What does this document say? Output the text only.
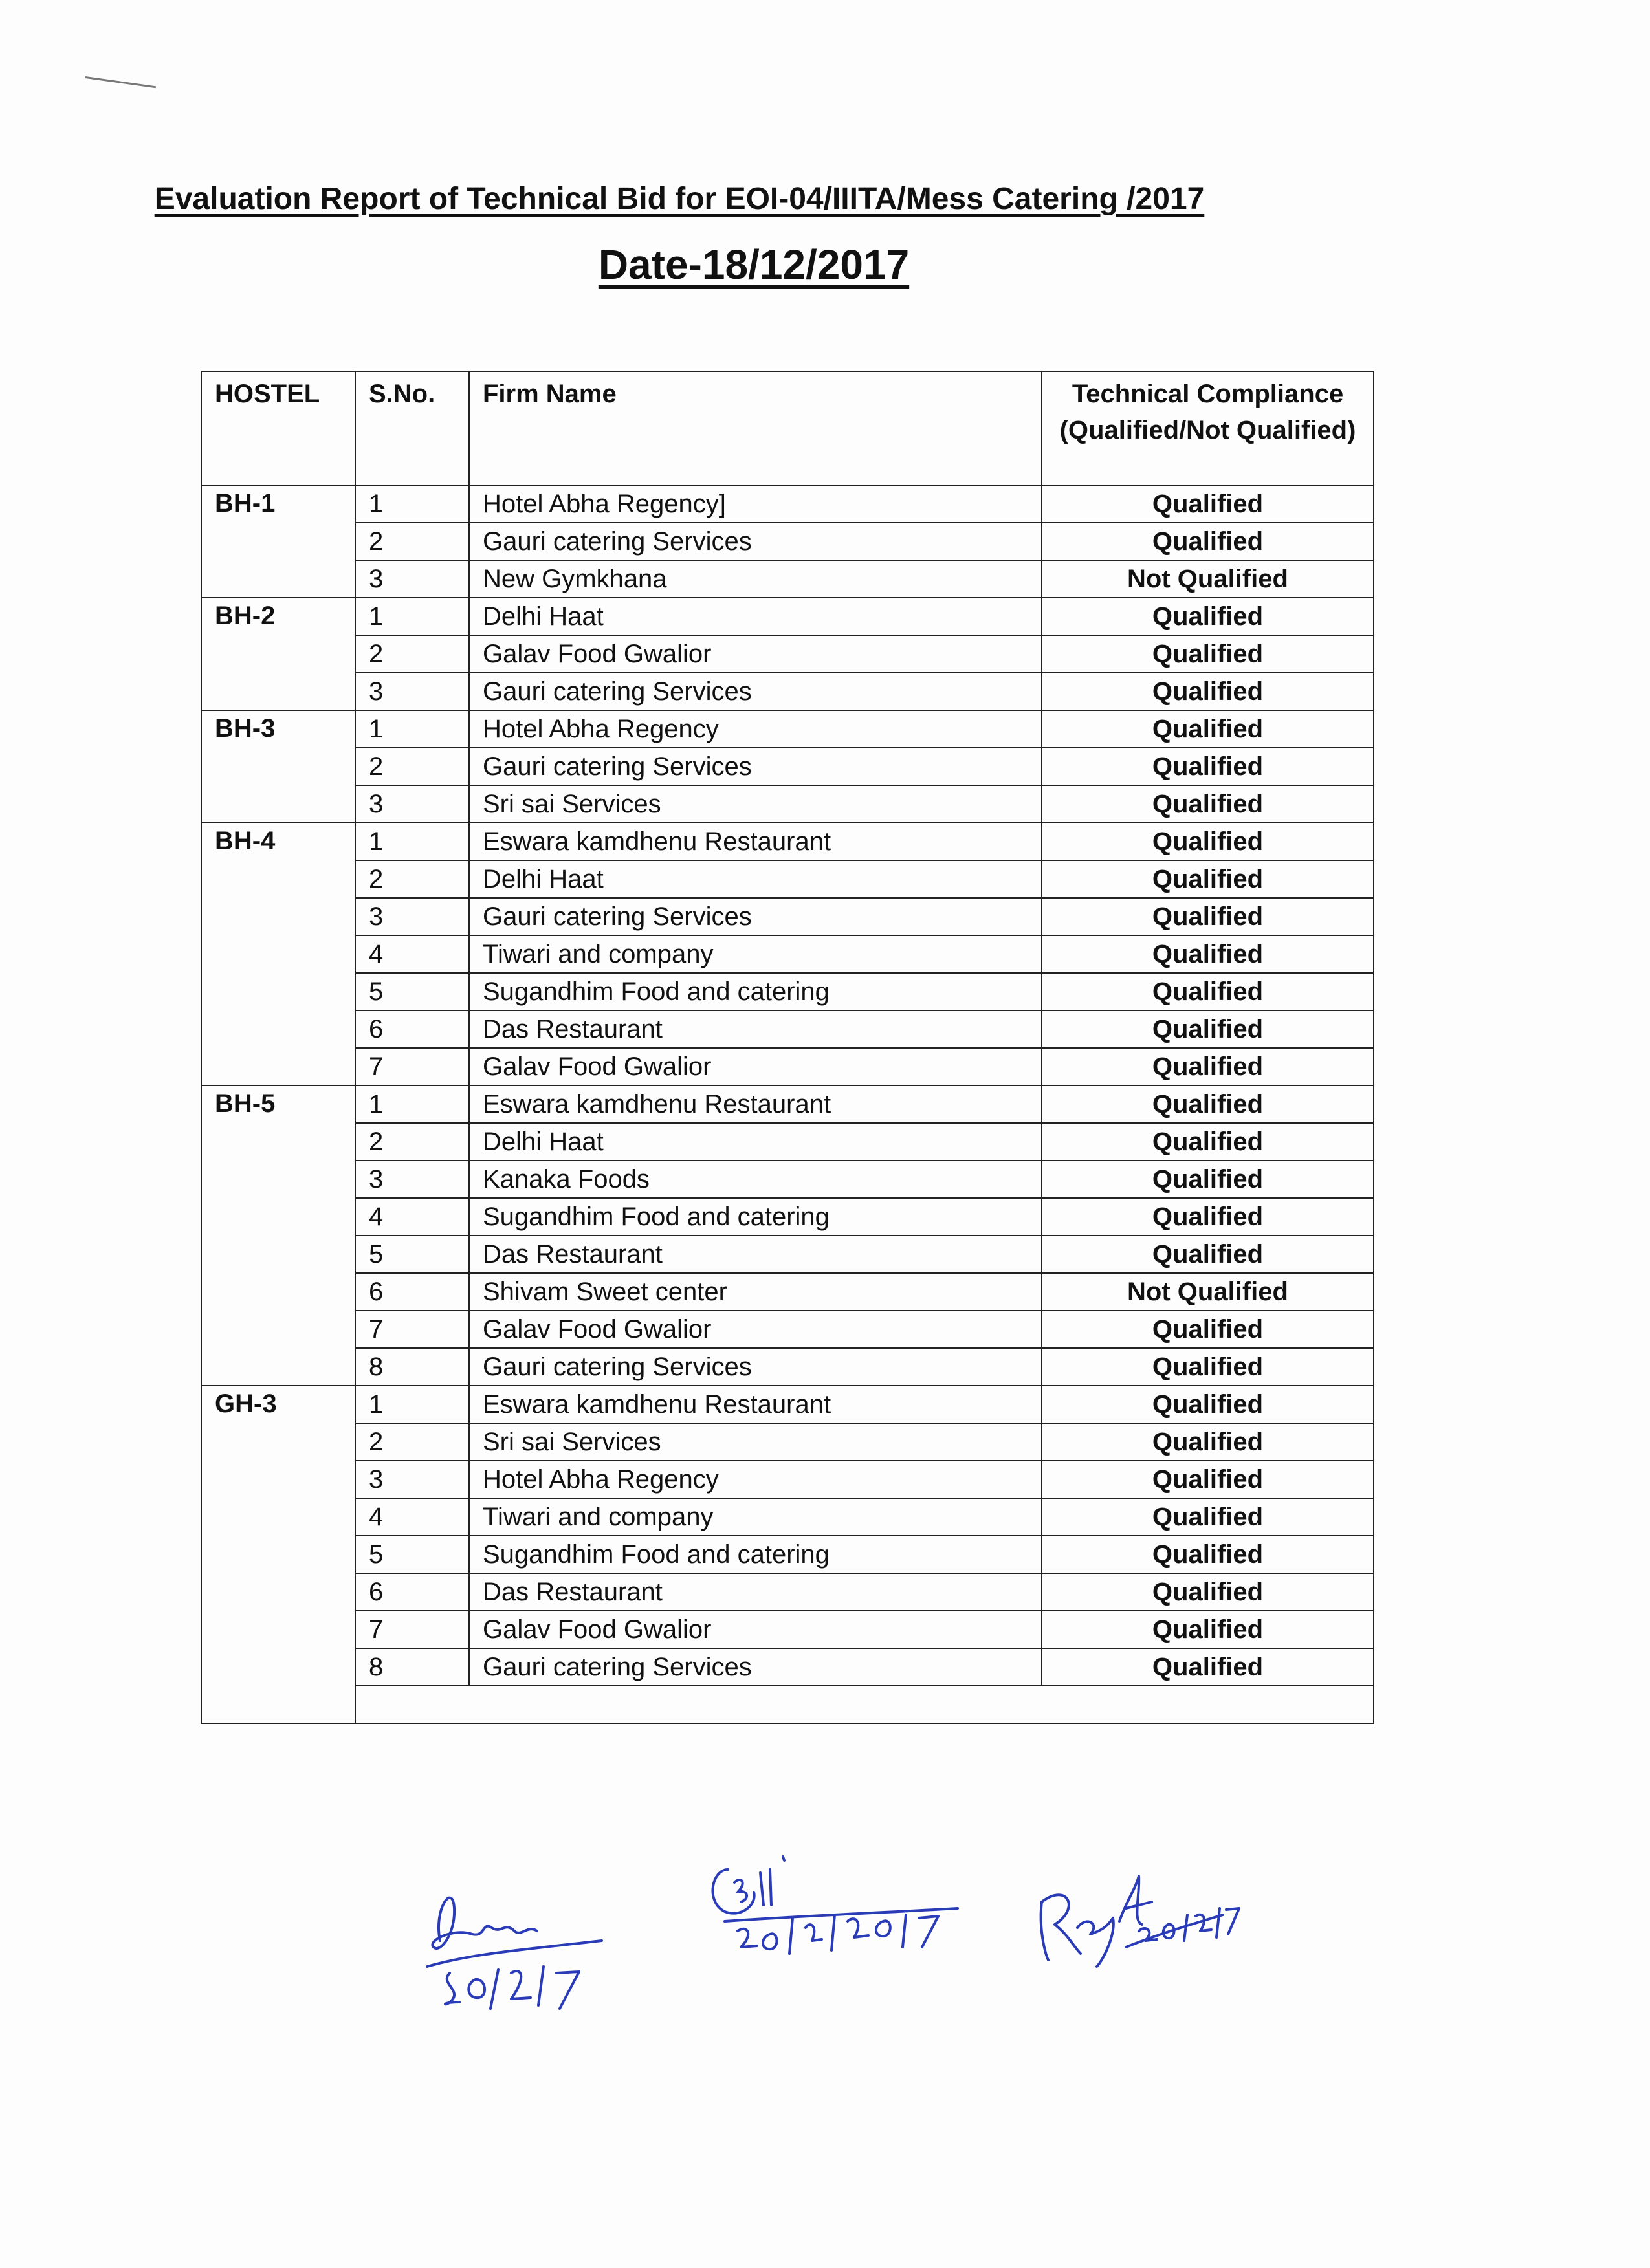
Evaluation Report of Technical Bid for EOI-04/IIITA/Mess Catering /2017
Date-18/12/2017
HOSTEL	S.No.	Firm Name	Technical Compliance (Qualified/Not Qualified)
BH-1	1	Hotel Abha Regency]	Qualified
	2	Gauri catering Services	Qualified
	3	New Gymkhana	Not Qualified
BH-2	1	Delhi Haat	Qualified
	2	Galav Food Gwalior	Qualified
	3	Gauri catering Services	Qualified
BH-3	1	Hotel Abha Regency	Qualified
	2	Gauri catering Services	Qualified
	3	Sri sai Services	Qualified
BH-4	1	Eswara kamdhenu Restaurant	Qualified
	2	Delhi Haat	Qualified
	3	Gauri catering Services	Qualified
	4	Tiwari and company	Qualified
	5	Sugandhim Food and catering	Qualified
	6	Das Restaurant	Qualified
	7	Galav Food Gwalior	Qualified
BH-5	1	Eswara kamdhenu Restaurant	Qualified
	2	Delhi Haat	Qualified
	3	Kanaka Foods	Qualified
	4	Sugandhim Food and catering	Qualified
	5	Das Restaurant	Qualified
	6	Shivam Sweet center	Not Qualified
	7	Galav Food Gwalior	Qualified
	8	Gauri catering Services	Qualified
GH-3	1	Eswara kamdhenu Restaurant	Qualified
	2	Sri sai Services	Qualified
	3	Hotel Abha Regency	Qualified
	4	Tiwari and company	Qualified
	5	Sugandhim Food and catering	Qualified
	6	Das Restaurant	Qualified
	7	Galav Food Gwalior	Qualified
	8	Gauri catering Services	Qualified
